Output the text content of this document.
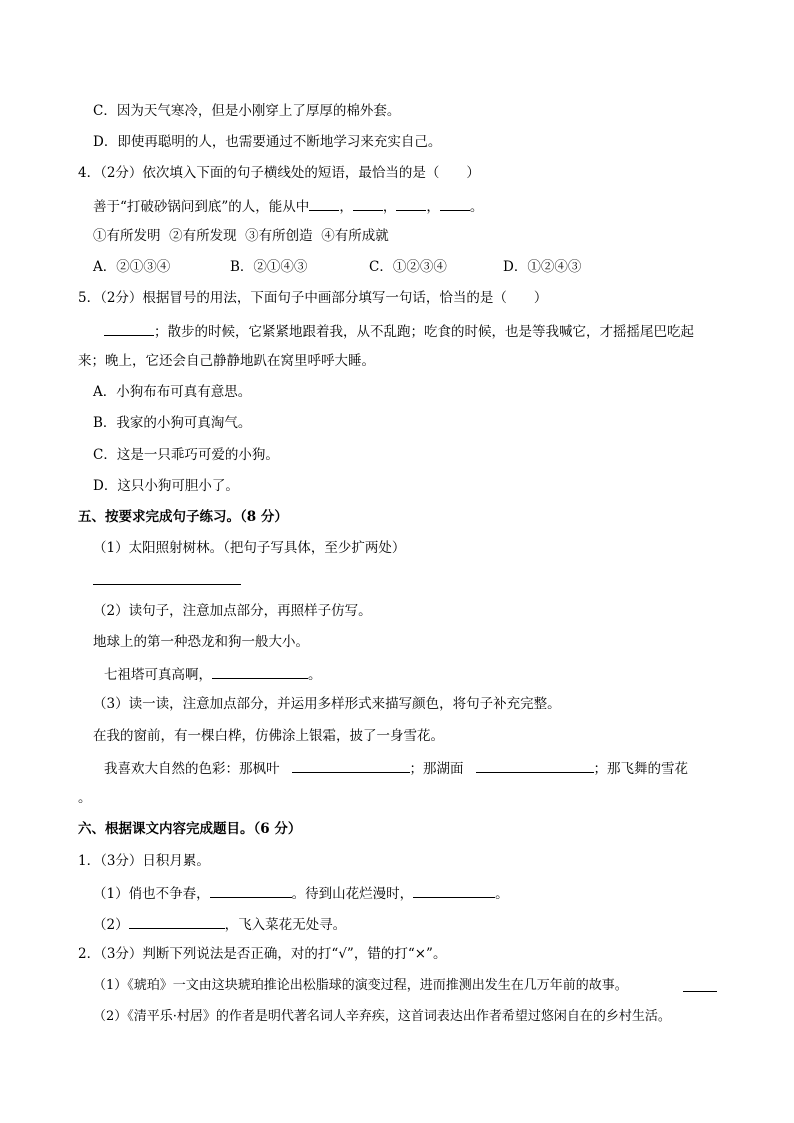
C．因为天气寒冷，但是小刚穿上了厚厚的棉外套。
D．即使再聪明的人，也需要通过不断地学习来充实自己。
4．（2分）依次填入下面的句子横线处的短语，最恰当的是（　　）
善于“打破砂锅问到底”的人，能从中 ， ， ， 。
①有所发明  ②有所发现  ③有所创造  ④有所成就
A．②①③④	B．②①④③	C．①②③④	D．①②④③
5．（2分）根据冒号的用法，下面句子中画部分填写一句话，恰当的是（　　）
；散步的时候，它紧紧地跟着我，从不乱跑；吃食的时候，也是等我喊它，才摇摇尾巴吃起
来；晚上，它还会自己静静地趴在窝里呼呼大睡。
A．小狗布布可真有意思。
B．我家的小狗可真淘气。
C．这是一只乖巧可爱的小狗。
D．这只小狗可胆小了。
五、按要求完成句子练习。（8 分）
（1）太阳照射树林。（把句子写具体，至少扩两处）
（2）读句子，注意加点部分，再照样子仿写。
地球上的第一种恐龙和狗一般大小。
七祖塔可真高啊，	。
（3）读一读，注意加点部分，并运用多样形式来描写颜色，将句子补充完整。
在我的窗前，有一棵白桦，仿佛涂上银霜，披了一身雪花。
我喜欢大自然的色彩：那枫叶	；那湖面	；那飞舞的雪花
。
六、根据课文内容完成题目。（6 分）
1．（3分）日积月累。
（1）俏也不争春，	。待到山花烂漫时，	。
（2）	，飞入菜花无处寻。
2．（3分）判断下列说法是否正确，对的打“√”，错的打“×”。
（1）《琥珀》一文由这块琥珀推论出松脂球的演变过程，进而推测出发生在几万年前的故事。
（2）《清平乐·村居》的作者是明代著名词人辛弃疾，这首词表达出作者希望过悠闲自在的乡村生活。
